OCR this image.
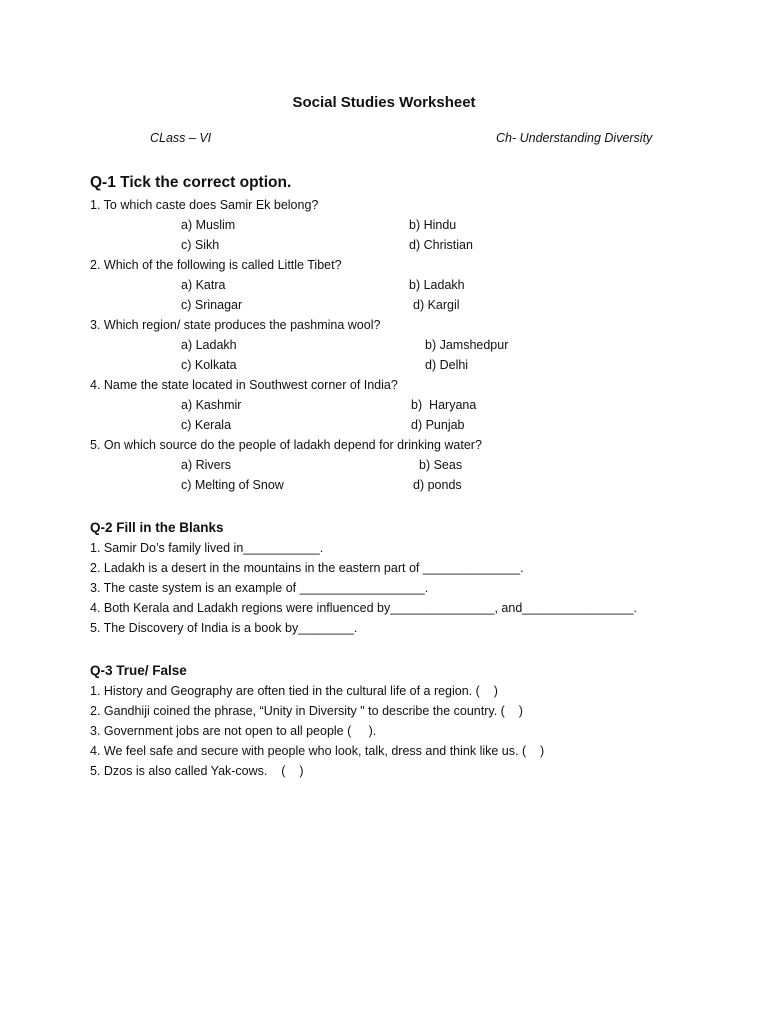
Social Studies Worksheet
CLass – VI	Ch- Understanding Diversity
Q-1 Tick the correct option.
1. To which caste does Samir Ek belong?
a) Muslim	b) Hindu
c) Sikh	d) Christian
2. Which of the following is called Little Tibet?
a) Katra	b) Ladakh
c) Srinagar	d) Kargil
3. Which region/ state produces the pashmina wool?
a) Ladakh	b) Jamshedpur
c) Kolkata	d) Delhi
4. Name the state located in Southwest corner of India?
a) Kashmir	b)  Haryana
c) Kerala	d) Punjab
5. On which source do the people of ladakh depend for drinking water?
a) Rivers	b) Seas
c) Melting of Snow	d) ponds
Q-2 Fill in the Blanks
1. Samir Do’s family lived in___________.
2. Ladakh is a desert in the mountains in the eastern part of ______________.
3. The caste system is an example of __________________.
4. Both Kerala and Ladakh regions were influenced by_______________, and________________.
5. The Discovery of India is a book by________.
Q-3 True/ False
1. History and Geography are often tied in the cultural life of a region. (    )
2. Gandhiji coined the phrase, “Unity in Diversity " to describe the country. (    )
3. Government jobs are not open to all people (     ).
4. We feel safe and secure with people who look, talk, dress and think like us. (    )
5. Dzos is also called Yak-cows.    (    )
